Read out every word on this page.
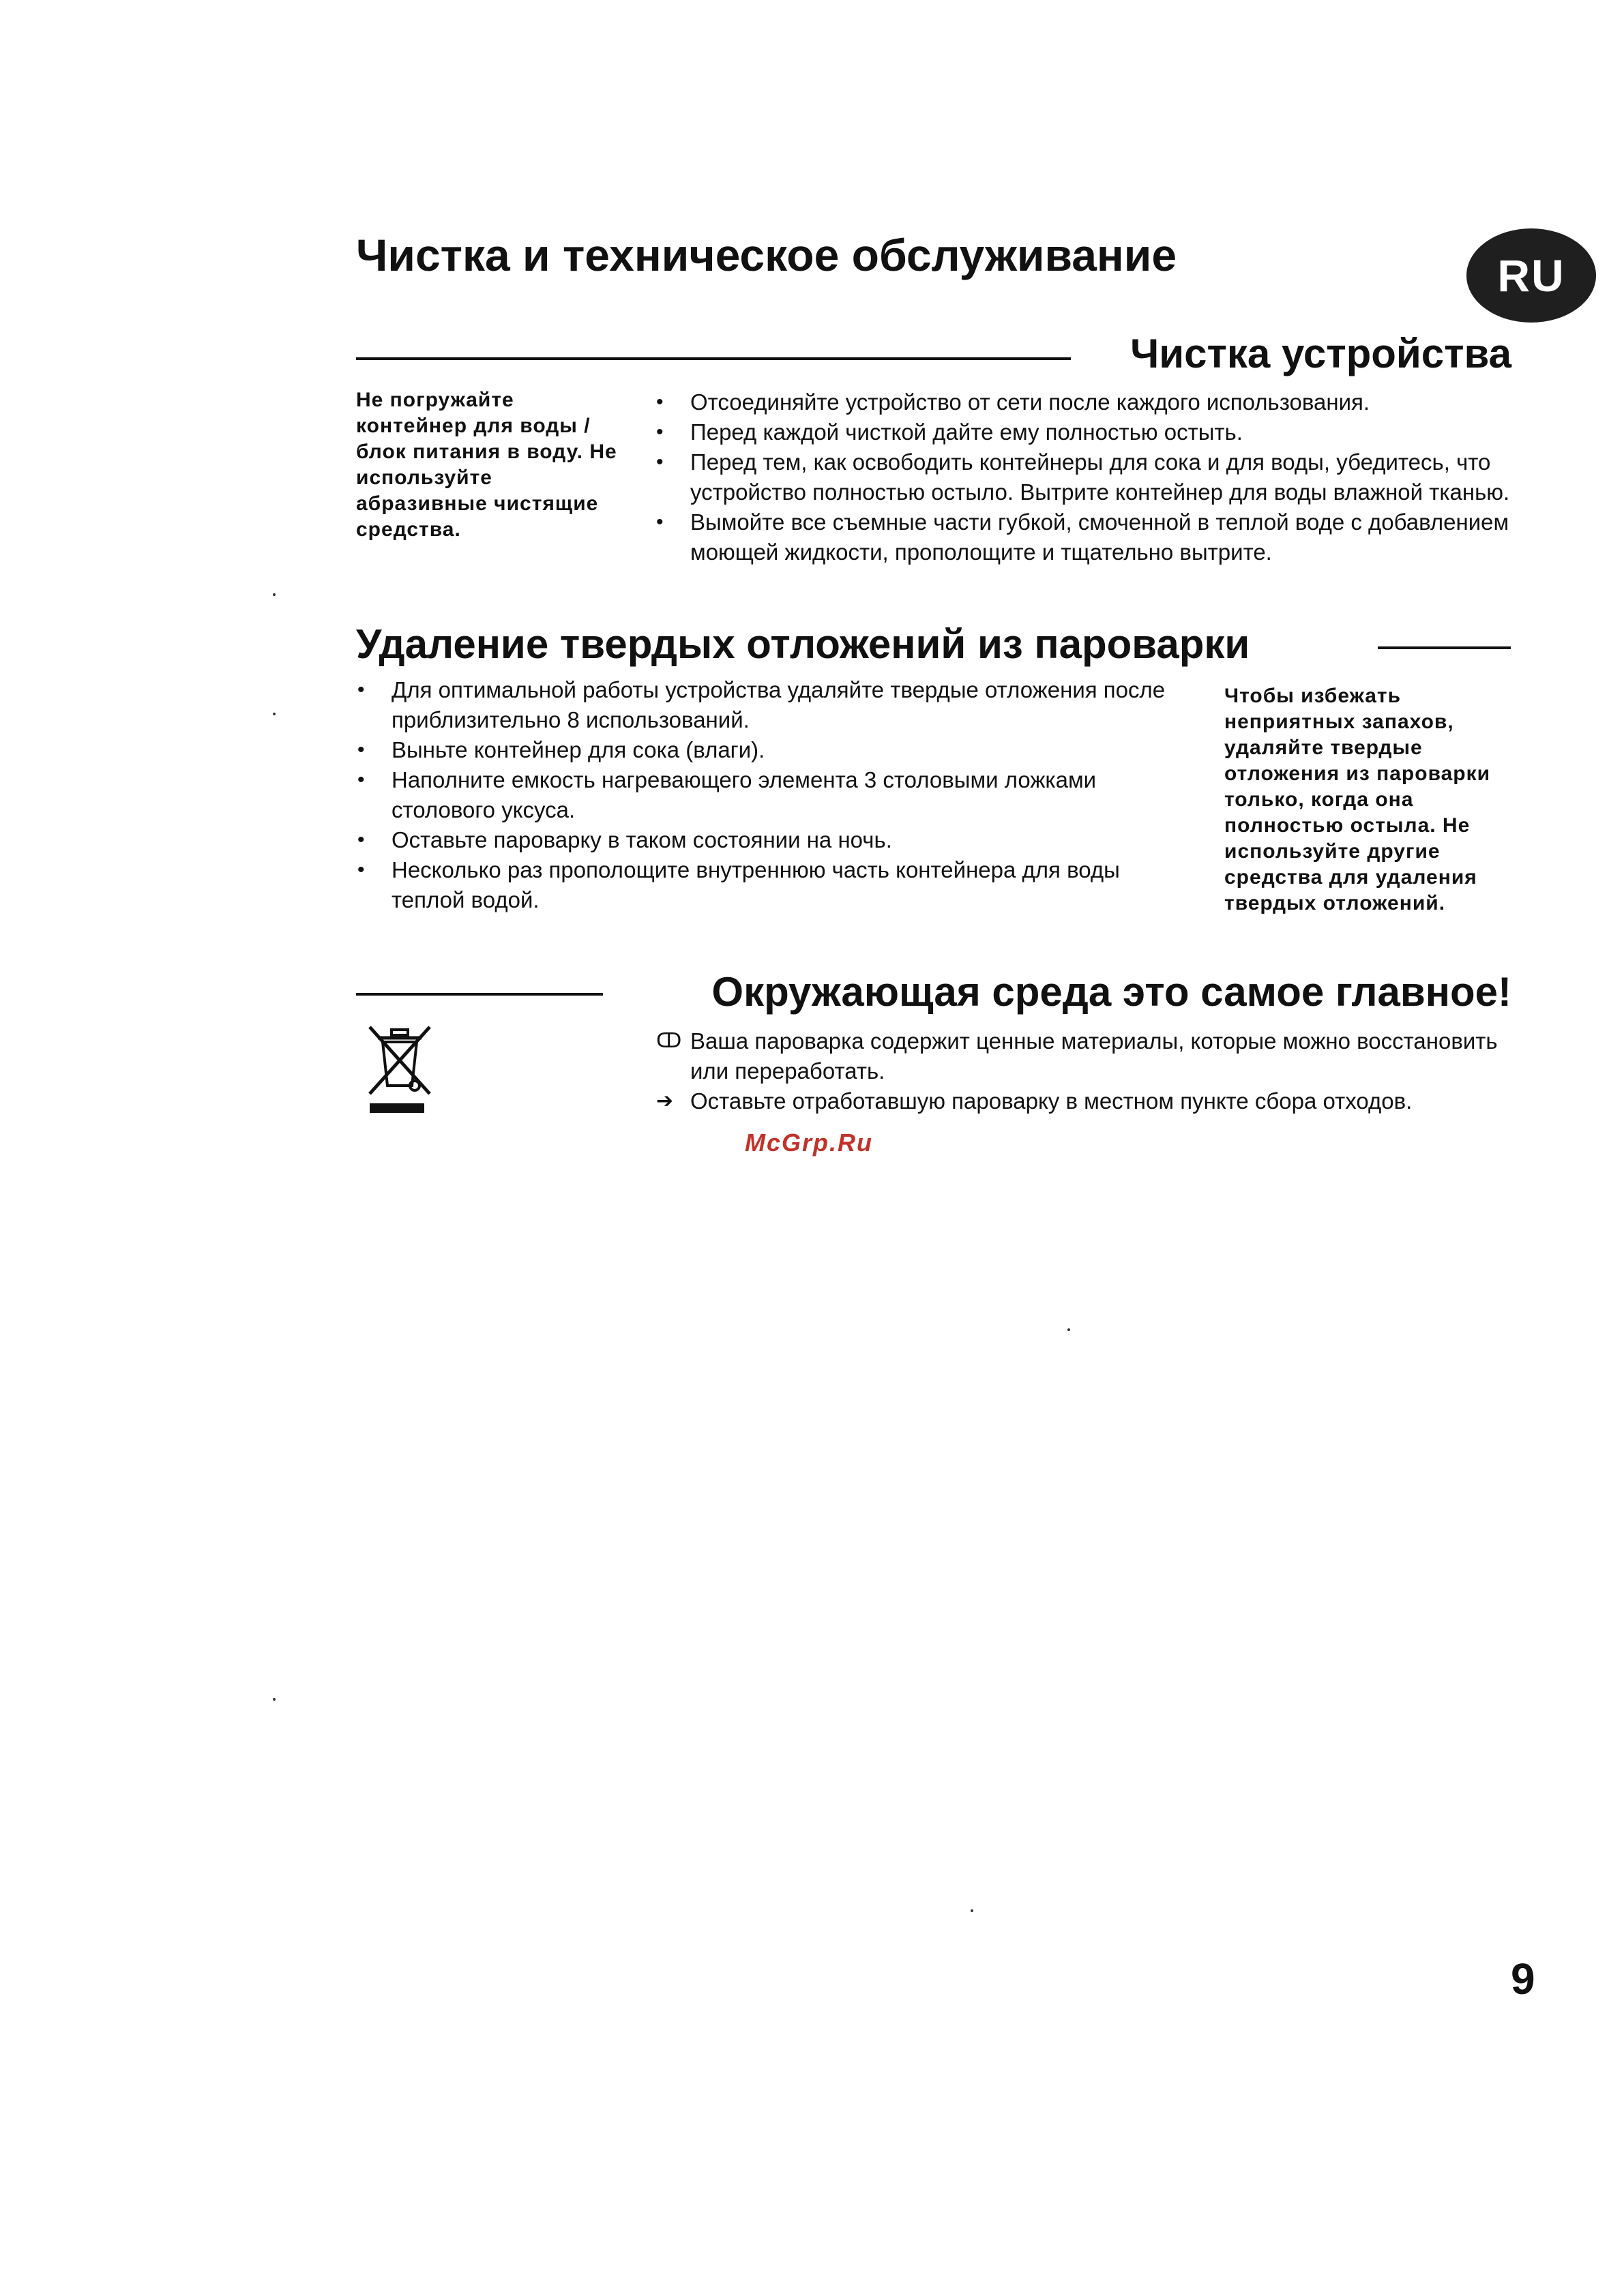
Чистка и техническое обслуживание	RU
Чистка устройства
Не погружайте контейнер для воды / блок питания в воду. Не используйте абразивные чистящие средства.
•	Отсоединяйте устройство от сети после каждого использования.
•	Перед каждой чисткой дайте ему полностью остыть.
•	Перед тем, как освободить контейнеры для сока и для воды, убедитесь, что устройство полностью остыло. Вытрите контейнер для воды влажной тканью.
•	Вымойте все съемные части губкой, смоченной в теплой воде с добавлением моющей жидкости, прополощите и тщательно вытрите.
Удаление твердых отложений из пароварки
•	Для оптимальной работы устройства удаляйте твердые отложения после приблизительно 8 использований.
•	Выньте контейнер для сока (влаги).
•	Наполните емкость нагревающего элемента 3 столовыми ложками столового уксуса.
•	Оставьте пароварку в таком состоянии на ночь.
•	Несколько раз прополощите внутреннюю часть контейнера для воды теплой водой.
Чтобы избежать неприятных запахов, удаляйте твердые отложения из пароварки только, когда она полностью остыла. Не используйте другие средства для удаления твердых отложений.
Окружающая среда это самое главное!
ↀ Ваша пароварка содержит ценные материалы, которые можно восстановить или переработать.
➔ Оставьте отработавшую пароварку в местном пункте сбора отходов.
McGrp.Ru
9
